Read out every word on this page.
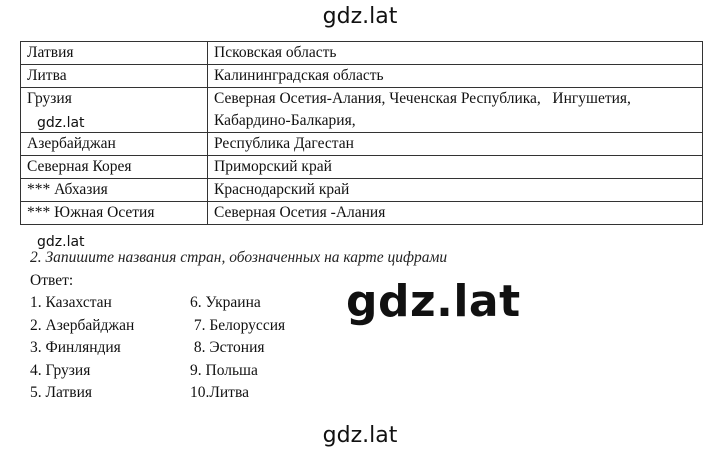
gdz.lat
Латвия	Псковская область
Литва	Калининградская область
Грузия	Северная Осетия-Алания, Чеченская Республика,   Ингушетия,
Кабардино-Балкария,
Азербайджан	Республика Дагестан
Северная Корея	Приморский край
*** Абхазия	Краснодарский край
*** Южная Осетия	Северная Осетия -Алания
gdz.lat
gdz.lat
2. Запишите названия стран, обозначенных на карте цифрами
Ответ:
1. Казахстан
2. Азербайджан
3. Финляндия
4. Грузия
5. Латвия
6. Украина
7. Белоруссия
8. Эстония
9. Польша
10.Литва
gdz.lat
gdz.lat
